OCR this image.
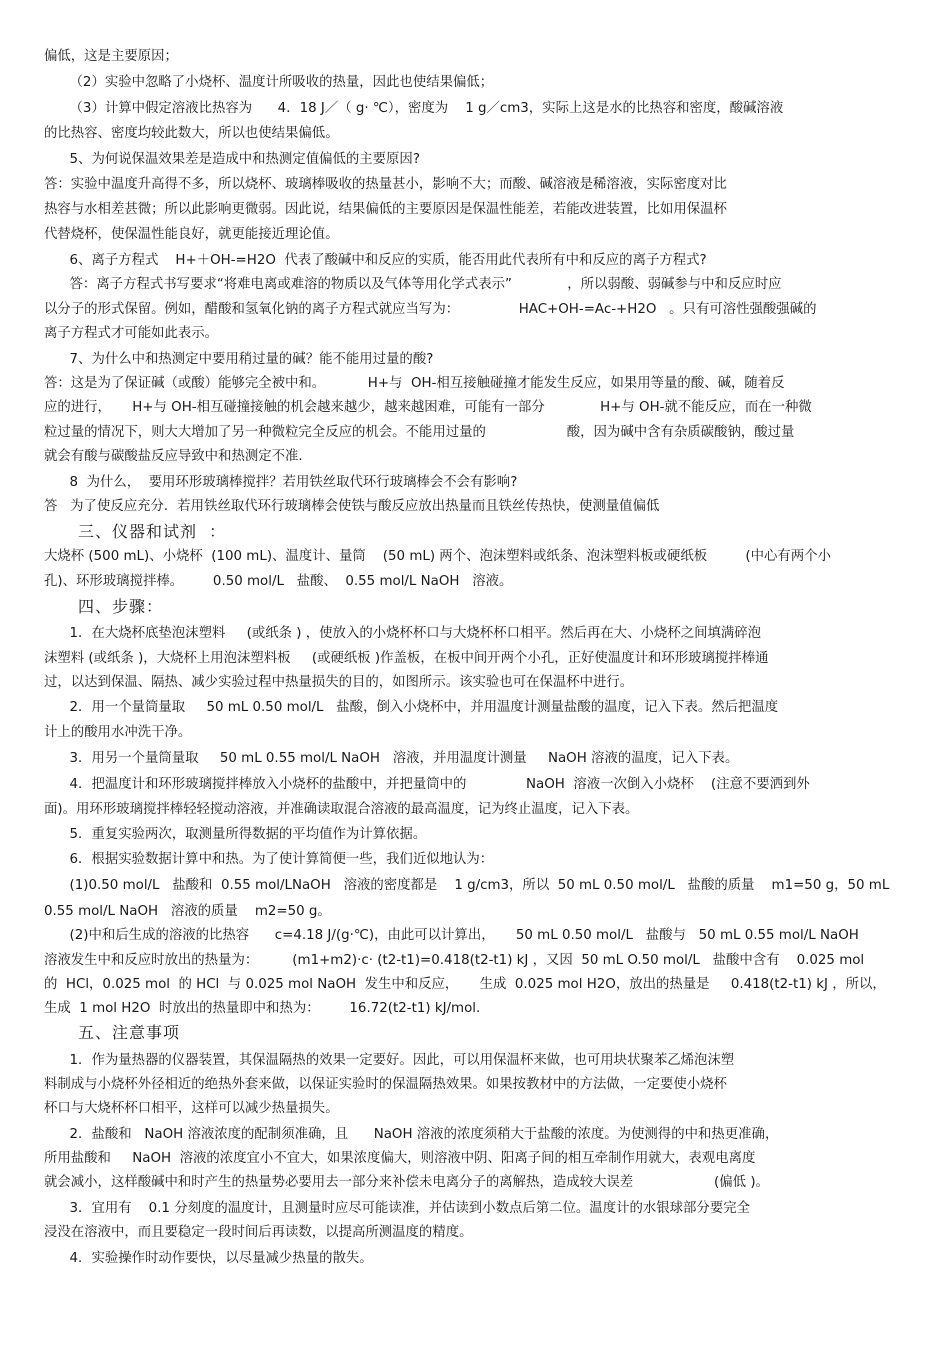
偏低，这是主要原因；

（2）实验中忽略了小烧杯、温度计所吸收的热量，因此也使结果偏低；

（3）计算中假定溶液比热容为      4．18 J／（ g· ℃），密度为    1 g／cm3，实际上这是水的比热容和密度，酸碱溶液

的比热容、密度均较此数大，所以也使结果偏低。

5、为何说保温效果差是造成中和热测定值偏低的主要原因?

答：实验中温度升高得不多，所以烧杯、玻璃棒吸收的热量甚小，影响不大；而酸、碱溶液是稀溶液，实际密度对比

热容与水相差甚微；所以此影响更微弱。因此说，结果偏低的主要原因是保温性能差，若能改进装置，比如用保温杯

代替烧杯，使保温性能良好，就更能接近理论值。

6、离子方程式    H+＋OH-=H2O  代表了酸碱中和反应的实质，能否用此代表所有中和反应的离子方程式?

答：离子方程式书写要求“将难电离或难溶的物质以及气体等用化学式表示”             ，所以弱酸、弱碱参与中和反应时应

以分子的形式保留。例如，醋酸和氢氧化钠的离子方程式就应当写为：              HAC+OH-=Ac-+H2O   。只有可溶性强酸强碱的

离子方程式才可能如此表示。

7、为什么中和热测定中要用稍过量的碱？能不能用过量的酸?

答：这是为了保证碱（或酸）能够完全被中和。          H+与  OH-相互接触碰撞才能发生反应，如果用等量的酸、碱，随着反

应的进行，     H+与 OH-相互碰撞接触的机会越来越少，越来越困难，可能有一部分             H+与 OH-就不能反应，而在一种微

粒过量的情况下，则大大增加了另一种微粒完全反应的机会。不能用过量的                   酸，因为碱中含有杂质碳酸钠，酸过量

就会有酸与碳酸盐反应导致中和热测定不准.

8  为什么，  要用环形玻璃棒搅拌？若用铁丝取代环行玻璃棒会不会有影响?

答   为了使反应充分．若用铁丝取代环行玻璃棒会使铁与酸反应放出热量而且铁丝传热快，使测量值偏低

三、仪器和试剂  ：

大烧杯 (500 mL)、小烧杯  (100 mL)、温度计、量筒    (50 mL) 两个、泡沫塑料或纸条、泡沫塑料板或硬纸板         (中心有两个小

孔)、环形玻璃搅拌棒。       0.50 mol/L   盐酸、  0.55 mol/L NaOH   溶液。

四、步骤：

1．在大烧杯底垫泡沫塑料     (或纸条 ) ，使放入的小烧杯杯口与大烧杯杯口相平。然后再在大、小烧杯之间填满碎泡

沫塑料 (或纸条 )，大烧杯上用泡沫塑料板     (或硬纸板 )作盖板，在板中间开两个小孔，正好使温度计和环形玻璃搅拌棒通

过，以达到保温、隔热、减少实验过程中热量损失的目的，如图所示。该实验也可在保温杯中进行。

2．用一个量筒量取     50 mL 0.50 mol/L   盐酸，倒入小烧杯中，并用温度计测量盐酸的温度，记入下表。然后把温度

计上的酸用水冲洗干净。

3．用另一个量筒量取     50 mL 0.55 mol/L NaOH   溶液，并用温度计测量     NaOH 溶液的温度，记入下表。

4．把温度计和环形玻璃搅拌棒放入小烧杯的盐酸中，并把量筒中的              NaOH  溶液一次倒入小烧杯    (注意不要洒到外

面)。用环形玻璃搅拌棒轻轻搅动溶液，并准确读取混合溶液的最高温度，记为终止温度，记入下表。

5．重复实验两次，取测量所得数据的平均值作为计算依据。

6．根据实验数据计算中和热。为了使计算简便一些，我们近似地认为：

(1)0.50 mol/L   盐酸和  0.55 mol/LNaOH   溶液的密度都是    1 g/cm3，所以  50 mL 0.50 mol/L   盐酸的质量    m1=50 g，50 mL

0.55 mol/L NaOH   溶液的质量    m2=50 g。

(2)中和后生成的溶液的比热容      c=4.18 J/(g·℃)，由此可以计算出，     50 mL 0.50 mol/L   盐酸与   50 mL 0.55 mol/L NaOH

溶液发生中和反应时放出的热量为：        (m1+m2)·c· (t2-t1)=0.418(t2-t1) kJ ，又因  50 mL O.50 mol/L   盐酸中含有    0.025 mol

的  HCl，0.025 mol  的 HCl  与 0.025 mol NaOH  发生中和反应，     生成  0.025 mol H2O，放出的热量是     0.418(t2-t1) kJ ，所以，

生成  1 mol H2O  时放出的热量即中和热为：       16.72(t2-t1) kJ/mol.

五、注意事项

1．作为量热器的仪器装置，其保温隔热的效果一定要好。因此，可以用保温杯来做，也可用块状聚苯乙烯泡沫塑

料制成与小烧杯外径相近的绝热外套来做，以保证实验时的保温隔热效果。如果按教材中的方法做，一定要使小烧杯

杯口与大烧杯杯口相平，这样可以减少热量损失。

2．盐酸和   NaOH 溶液浓度的配制须准确，且      NaOH 溶液的浓度须稍大于盐酸的浓度。为使测得的中和热更准确，

所用盐酸和     NaOH  溶液的浓度宜小不宜大，如果浓度偏大，则溶液中阴、阳离子间的相互牵制作用就大，表观电离度

就会减小，这样酸碱中和时产生的热量势必要用去一部分来补偿未电离分子的离解热，造成较大误差                   (偏低 )。

3．宜用有    0.1 分刻度的温度计，且测量时应尽可能读准，并估读到小数点后第二位。温度计的水银球部分要完全

浸没在溶液中，而且要稳定一段时间后再读数，以提高所测温度的精度。

4．实验操作时动作要快，以尽量减少热量的散失。
